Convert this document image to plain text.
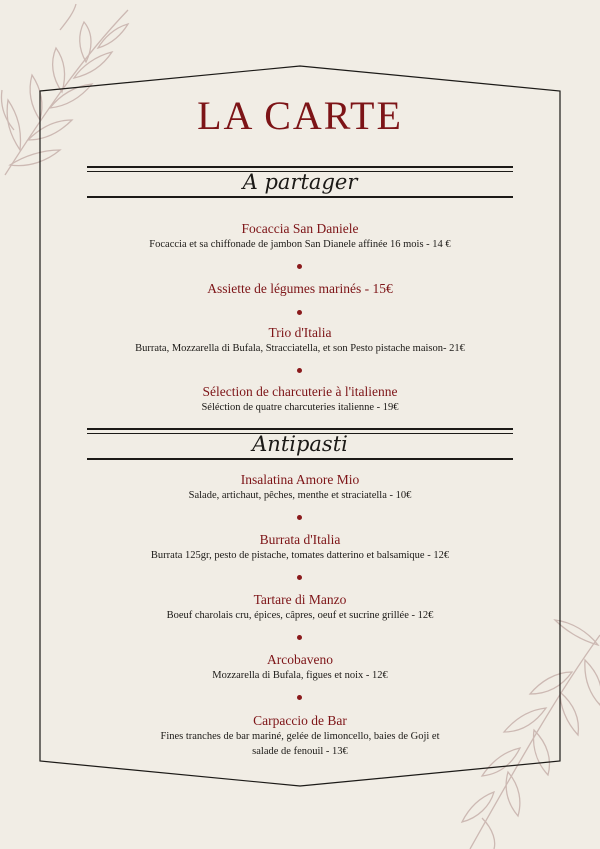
LA CARTE
A partager
Focaccia San Daniele
Focaccia et sa chiffonade de jambon San Dianele affinée 16 mois - 14 €
Assiette de légumes marinés - 15€
Trio d'Italia
Burrata, Mozzarella di Bufala, Stracciatella, et son Pesto pistache maison- 21€
Sélection de charcuterie à l'italienne
Séléction de quatre charcuteries italienne - 19€
Antipasti
Insalatina Amore Mio
Salade, artichaut, pêches, menthe et straciatella - 10€
Burrata d'Italia
Burrata 125gr, pesto de pistache, tomates datterino et balsamique - 12€
Tartare di Manzo
Boeuf charolais cru, épices, câpres, oeuf et sucrine grillée - 12€
Arcobaveno
Mozzarella di Bufala, figues et noix - 12€
Carpaccio de Bar
Fines tranches de bar mariné, gelée de limoncello, baies de Goji et
salade de fenouil - 13€
